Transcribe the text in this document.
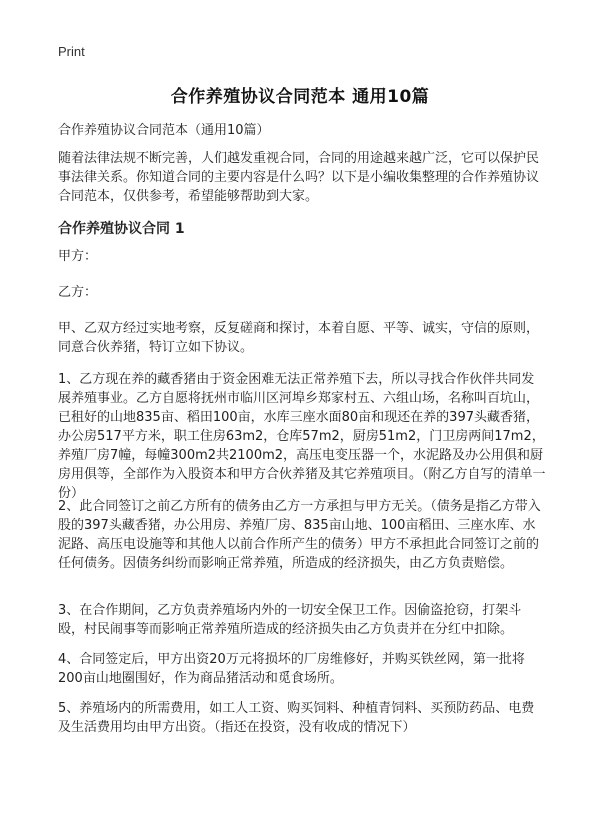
Print
合作养殖协议合同范本 通用10篇
合作养殖协议合同范本（通用10篇）

随着法律法规不断完善，人们越发重视合同，合同的用途越来越广泛，它可以保护民事法律关系。你知道合同的主要内容是什么吗？以下是小编收集整理的合作养殖协议合同范本，仅供参考，希望能够帮助到大家。

合作养殖协议合同 1

甲方：

乙方：

甲、乙双方经过实地考察，反复磋商和探讨，本着自愿、平等、诚实，守信的原则，同意合伙养猪，特订立如下协议。

1、乙方现在养的藏香猪由于资金困难无法正常养殖下去，所以寻找合作伙伴共同发展养殖事业。乙方自愿将抚州市临川区河埠乡郑家村五、六组山场，名称叫百坑山，已租好的山地835亩、稻田100亩，水库三座水面80亩和现还在养的397头藏香猪，办公房517平方米，职工住房63m2，仓库57m2，厨房51m2，门卫房两间17m2，养殖厂房7幢，每幢300m2共2100m2，高压电变压器一个，水泥路及办公用俱和厨房用俱等，全部作为入股资本和甲方合伙养猪及其它养殖项目。（附乙方自写的清单一份）

2、此合同签订之前乙方所有的债务由乙方一方承担与甲方无关。（债务是指乙方带入股的397头藏香猪，办公用房、养殖厂房、835亩山地、100亩稻田、三座水库、水泥路、高压电设施等和其他人以前合作所产生的债务）甲方不承担此合同签订之前的任何债务。因债务纠纷而影响正常养殖，所造成的经济损失，由乙方负责赔偿。

3、在合作期间，乙方负责养殖场内外的一切安全保卫工作。因偷盗抢窃，打架斗殴，村民闹事等而影响正常养殖所造成的经济损失由乙方负责并在分红中扣除。

4、合同签定后，甲方出资20万元将损坏的厂房维修好，并购买铁丝网，第一批将200亩山地圈围好，作为商品猪活动和觅食场所。

5、养殖场内的所需费用，如工人工资、购买饲料、种植青饲料、买预防药品、电费及生活费用均由甲方出资。（指还在投资，没有收成的情况下）
